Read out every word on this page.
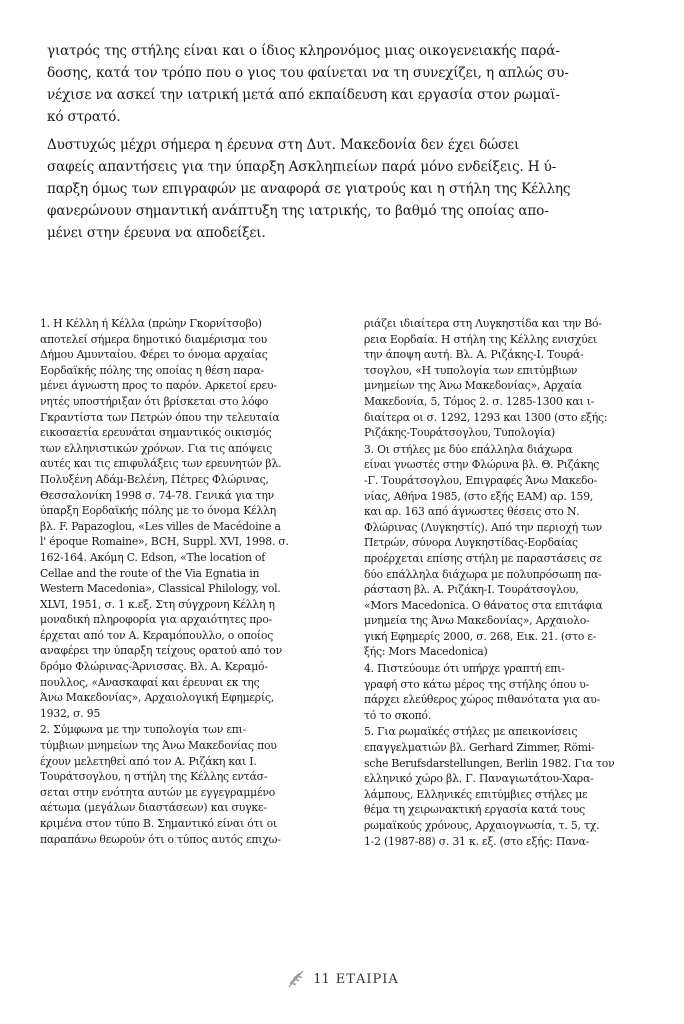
γιατρός της στήλης είναι και ο ίδιος κληρονόμος μιας οικογενειακής παρά-
δοσης, κατά τον τρόπο που ο γιος του φαίνεται να τη συνεχίζει, η απλώς συ-
νέχισε να ασκεί την ιατρική μετά από εκπαίδευση και εργασία στον ρωμαϊ-
κό στρατό.
Δυστυχώς μέχρι σήμερα η έρευνα στη Δυτ. Μακεδονία δεν έχει δώσει
σαφείς απαντήσεις για την ύπαρξη Ασκληπιείων παρά μόνο ενδείξεις. Η ύ-
παρξη όμως των επιγραφών με αναφορά σε γιατρούς και η στήλη της Κέλλης
φανερώνουν σημαντική ανάπτυξη της ιατρικής, το βαθμό της οποίας απο-
μένει στην έρευνα να αποδείξει.
1. Η Κέλλη ή Κέλλα (πρώην Γκορνίτσοβο)
αποτελεί σήμερα δημοτικό διαμέρισμα του
Δήμου Αμυνταίου. Φέρει το όνομα αρχαίας
Εορδαϊκής πόλης της οποίας η θέση παρα-
μένει άγνωστη προς το παρόν. Αρκετοί ερευ-
νητές υποστήριξαν ότι βρίσκεται στο λόφο
Γκραντίστα των Πετρών όπου την τελευταία
εικοσαετία ερευνάται σημαντικός οικισμός
των ελληνιστικών χρόνων. Για τις απόψεις
αυτές και τις επιφυλάξεις των ερευνητών βλ.
Πολυξένη Αδάμ-Βελένη, Πέτρες Φλώρινας,
Θεσσαλονίκη 1998 σ. 74-78. Γενικά για την
ύπαρξη Εορδαϊκής πόλης με το όνομα Κέλλη
βλ. F. Papazoglou, «Les villes de Macédoine a
l' époque Romaine», BCH, Suppl. XVI, 1998. σ.
162-164. Ακόμη C. Edson, «The location of
Cellae and the route of the Via Egnatia in
Western Macedonia», Classical Philology, vol.
XLVI, 1951, σ. 1 κ.εξ. Στη σύγχρονη Κέλλη η
μοναδική πληροφορία για αρχαιότητες προ-
έρχεται από τον Α. Κεραμόπουλλο, ο οποίος
αναφέρει την ύπαρξη τείχους ορατού από τον
δρόμο Φλώρινας-Άρνισσας. Βλ. Α. Κεραμό-
πουλλος, «Ανασκαφαί και έρευναι εκ της
Άνω Μακεδονίας», Αρχαιολογική Εφημερίς,
1932, σ. 95
2. Σύμφωνα με την τυπολογία των επι-
τύμβιων μνημείων της Άνω Μακεδονίας που
έχουν μελετηθεί από τον Α. Ριζάκη και Ι.
Τουράτσογλου, η στήλη της Κέλλης εντάσ-
σεται στην ενότητα αυτών με εγγεγραμμένο
αέτωμα (μεγάλων διαστάσεων) και συγκε-
κριμένα στον τύπο Β. Σημαντικό είναι ότι οι
παραπάνω θεωρούν ότι ο τύπος αυτός επιχω-
ριάζει ιδιαίτερα στη Λυγκηστίδα και την Βό-
ρεια Εορδαία. Η στήλη της Κέλλης ενισχύει
την άποψη αυτή. Βλ. Α. Ριζάκης-Ι. Τουρά-
τσογλου, «Η τυπολογία των επιτύμβιων
μνημείων της Άνω Μακεδονίας», Αρχαία
Μακεδονία, 5, Τόμος 2. σ. 1285-1300 και ι-
διαίτερα οι σ. 1292, 1293 και 1300 (στο εξής:
Ριζάκης-Τουράτσογλου, Τυπολογία)
3. Οι στήλες με δύο επάλληλα διάχωρα
είναι γνωστές στην Φλώρινα βλ. Θ. Ριζάκης
-Γ. Τουράτσογλου, Επιγραφές Άνω Μακεδο-
νίας, Αθήνα 1985, (στο εξής ΕΑΜ) αρ. 159,
και αρ. 163 από άγνωστες θέσεις στο Ν.
Φλώρινας (Λυγκηστίς). Από την περιοχή των
Πετρών, σύνορα Λυγκηστίδας-Εορδαίας
προέρχεται επίσης στήλη με παραστάσεις σε
δύο επάλληλα διάχωρα με πολυπρόσωπη πα-
ράσταση βλ. Α. Ριζάκη-Ι. Τουράτσογλου,
«Mors Macedonica. Ο θάνατος στα επιτάφια
μνημεία της Άνω Μακεδονίας», Αρχαιολο-
γική Εφημερίς 2000, σ. 268, Εικ. 21. (στο ε-
ξής: Mors Macedonica)
4. Πιστεύουμε ότι υπήρχε γραπτή επι-
γραφή στο κάτω μέρος της στήλης όπου υ-
πάρχει ελεύθερος χώρος πιθανότατα για αυ-
τό το σκοπό.
5. Για ρωμαϊκές στήλες με απεικονίσεις
επαγγελματιών βλ. Gerhard Zimmer, Römi-
sche Berufsdarstellungen, Berlin 1982. Για τον
ελληνικό χώρο βλ. Γ. Παναγιωτάτου-Χαρα-
λάμπους, Ελληνικές επιτύμβιες στήλες με
θέμα τη χειρωνακτική εργασία κατά τους
ρωμαϊκούς χρόνους, Αρχαιογνωσία, τ. 5, τχ.
1-2 (1987-88) σ. 31 κ. εξ. (στο εξής: Πανα-
11 ΕΤΑΙΡΙΑ
